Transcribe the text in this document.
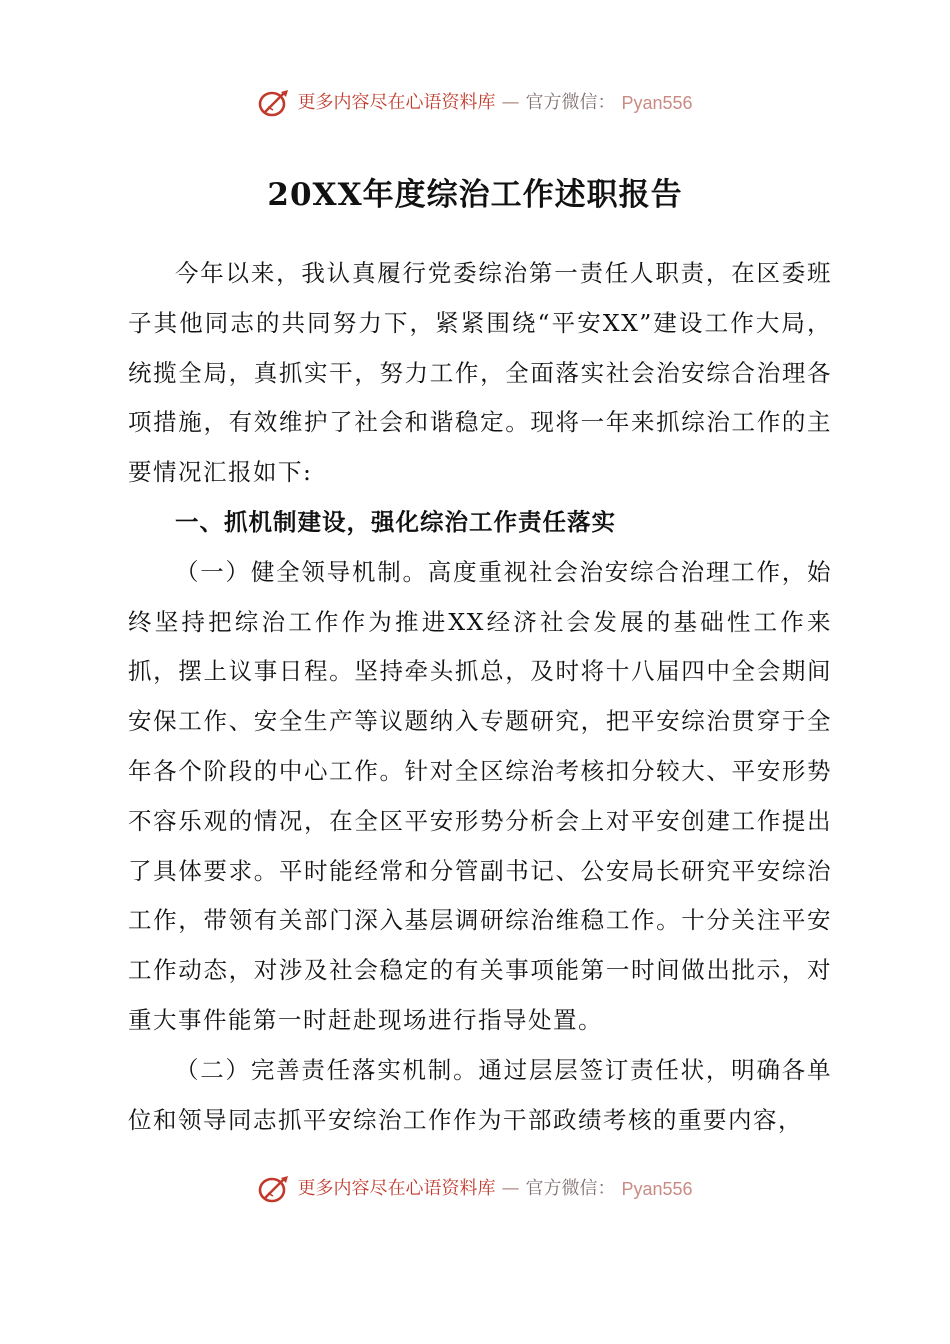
更多内容尽在心语资料库 — 官方微信： Pyan556
20XX年度综治工作述职报告

今年以来，我认真履行党委综治第一责任人职责，在区委班子其他同志的共同努力下，紧紧围绕“平安XX”建设工作大局，统揽全局，真抓实干，努力工作，全面落实社会治安综合治理各项措施，有效维护了社会和谐稳定。现将一年来抓综治工作的主要情况汇报如下:

一、抓机制建设，强化综治工作责任落实

（一）健全领导机制。高度重视社会治安综合治理工作，始终坚持把综治工作作为推进XX经济社会发展的基础性工作来抓，摆上议事日程。坚持牵头抓总，及时将十八届四中全会期间安保工作、安全生产等议题纳入专题研究，把平安综治贯穿于全年各个阶段的中心工作。针对全区综治考核扣分较大、平安形势不容乐观的情况，在全区平安形势分析会上对平安创建工作提出了具体要求。平时能经常和分管副书记、公安局长研究平安综治工作，带领有关部门深入基层调研综治维稳工作。十分关注平安工作动态，对涉及社会稳定的有关事项能第一时间做出批示，对重大事件能第一时赶赴现场进行指导处置。

（二）完善责任落实机制。通过层层签订责任状，明确各单位和领导同志抓平安综治工作作为干部政绩考核的重要内容，

更多内容尽在心语资料库 — 官方微信： Pyan556
